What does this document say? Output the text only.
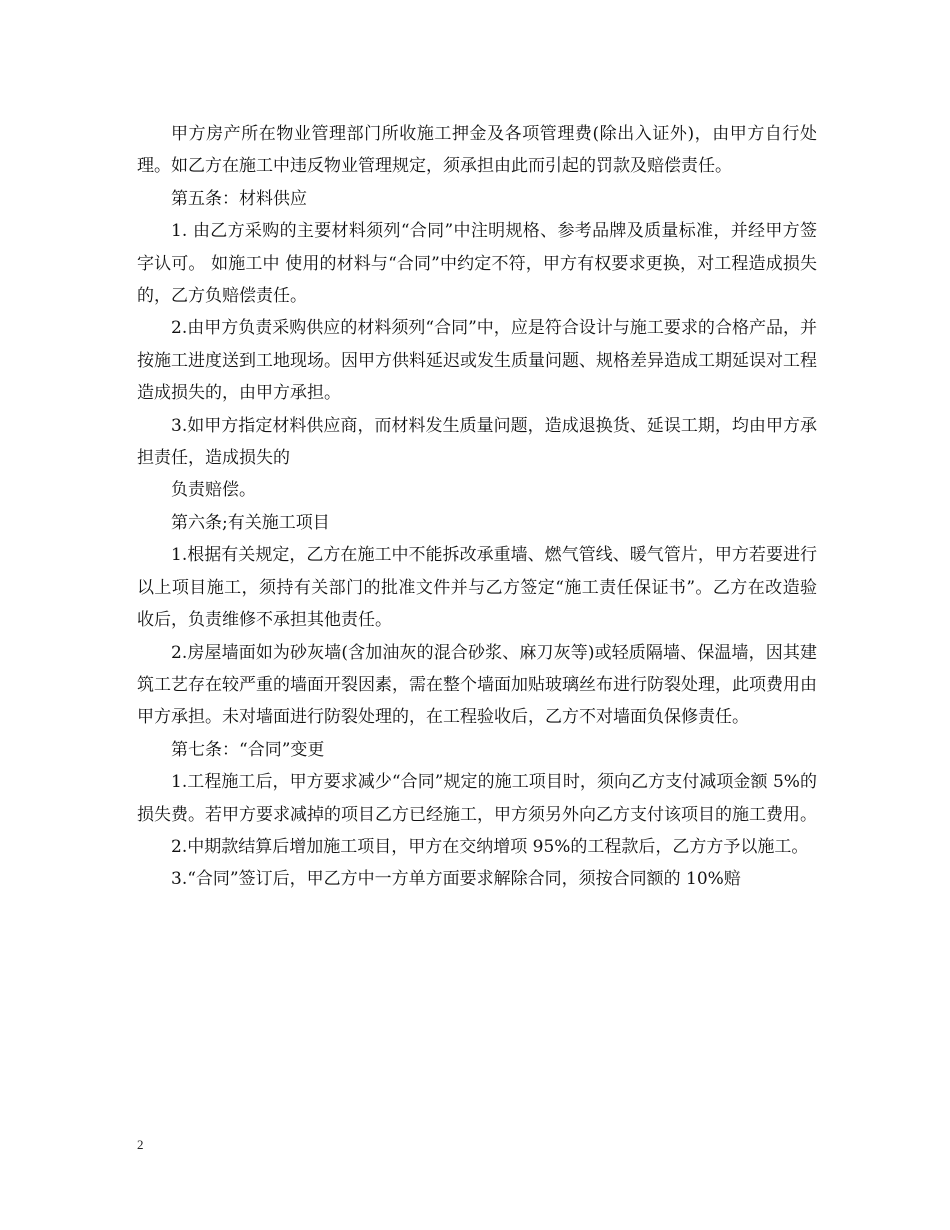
甲方房产所在物业管理部门所收施工押金及各项管理费(除出入证外)，由甲方自行处理。如乙方在施工中违反物业管理规定，须承担由此而引起的罚款及赔偿责任。

第五条：材料供应

1. 由乙方采购的主要材料须列“合同”中注明规格、参考品牌及质量标准，并经甲方签字认可。 如施工中 使用的材料与“合同”中约定不符，甲方有权要求更换，对工程造成损失的，乙方负赔偿责任。

2.由甲方负责采购供应的材料须列“合同”中，应是符合设计与施工要求的合格产品，并按施工进度送到工地现场。因甲方供料延迟或发生质量问题、规格差异造成工期延误对工程造成损失的，由甲方承担。

3.如甲方指定材料供应商，而材料发生质量问题，造成退换货、延误工期，均由甲方承担责任，造成损失的

负责赔偿。

第六条;有关施工项目

1.根据有关规定，乙方在施工中不能拆改承重墙、燃气管线、暖气管片，甲方若要进行以上项目施工，须持有关部门的批准文件并与乙方签定“施工责任保证书”。乙方在改造验收后，负责维修不承担其他责任。

2.房屋墙面如为砂灰墙(含加油灰的混合砂浆、麻刀灰等)或轻质隔墙、保温墙，因其建筑工艺存在较严重的墙面开裂因素，需在整个墙面加贴玻璃丝布进行防裂处理，此项费用由甲方承担。未对墙面进行防裂处理的，在工程验收后，乙方不对墙面负保修责任。

第七条：“合同”变更

1.工程施工后，甲方要求减少“合同”规定的施工项目时，须向乙方支付减项金额 5%的损失费。若甲方要求减掉的项目乙方已经施工，甲方须另外向乙方支付该项目的施工费用。

2.中期款结算后增加施工项目，甲方在交纳增项 95%的工程款后，乙方方予以施工。

3.“合同”签订后，甲乙方中一方单方面要求解除合同，须按合同额的 10%赔

2
